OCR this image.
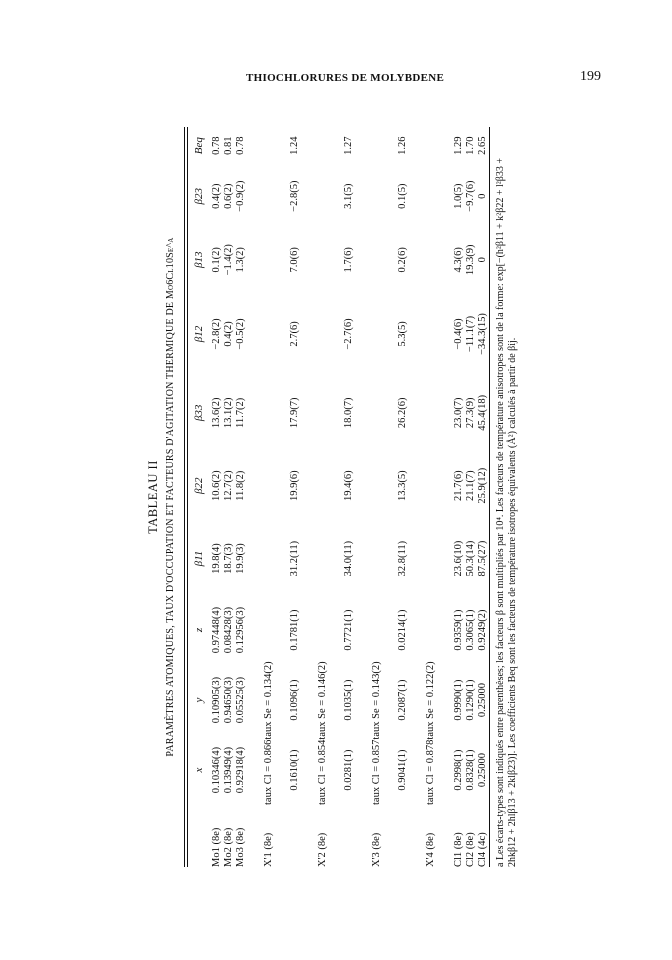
THIOCHLORURES DE MOLYBDENE	199
TABLEAU II PARAMÈTRES ATOMIQUES, TAUX D'OCCUPATION ET FACTEURS D'AGITATION THERMIQUE DE Mo6Cl10Se^a
	x	y	z	β11	β22	β33	β12	β13	β23	Beq
Mo1 (8e)	0.10346(4)	0.10905(3)	0.97448(4)	19.8(4)	10.6(2)	13.6(2)	−2.8(2)	0.1(2)	0.4(2)	0.78
Mo2 (8e)	0.13949(4)	0.94650(3)	0.08428(3)	18.7(3)	12.7(2)	13.1(2)	0.4(2)	−1.4(2)	0.6(2)	0.81
Mo3 (8e)	0.92918(4)	0.05525(3)	0.12956(3)	19.9(3)	11.8(2)	11.7(2)	−0.5(2)	1.3(2)	−0.9(2)	0.78

X'1 (8e)	taux Cl = 0.866taux Se = 0.134(2)									

	0.1610(1)	0.1096(1)	0.1781(1)	31.2(11)	19.9(6)	17.9(7)	2.7(6)	7.0(6)	−2.8(5)	1.24

X'2 (8e)	taux Cl = 0.854taux Se = 0.146(2)									

	0.0281(1)	0.1035(1)	0.7721(1)	34.0(11)	19.4(6)	18.0(7)	−2.7(6)	1.7(6)	3.1(5)	1.27

X'3 (8e)	taux Cl = 0.857taux Se = 0.143(2)									

	0.9041(1)	0.2087(1)	0.0214(1)	32.8(11)	13.3(5)	26.2(6)	5.3(5)	0.2(6)	0.1(5)	1.26

X'4 (8e)	taux Cl = 0.878taux Se = 0.122(2)									

Cl1 (8e)	0.2998(1)	0.9990(1)	0.9359(1)	23.6(10)	21.7(6)	23.0(7)	−0.4(6)	4.3(6)	1.0(5)	1.29
Cl2 (8e)	0.8328(1)	0.1290(1)	0.3065(1)	50.3(14)	21.1(7)	27.3(9)	−11.1(7)	19.3(9)	−9.7(6)	1.70
Cl4 (4c)	0.25000	0.25000	0.9249(2)	87.5(27)	25.9(12)	45.4(18)	−34.3(15)	0	0	2.65
a Les écarts-types sont indiqués entre parenthèses; les facteurs β sont multipliés par 10⁴. Les facteurs de température anisotropes sont de la forme: exp[−(h²β11 + k²β22 + l²β33 + 2hkβ12 + 2hlβ13 + 2klβ23)]. Les coefficients Beq sont les facteurs de température isotropes équivalents (Å²) calculés à partir de βij.
